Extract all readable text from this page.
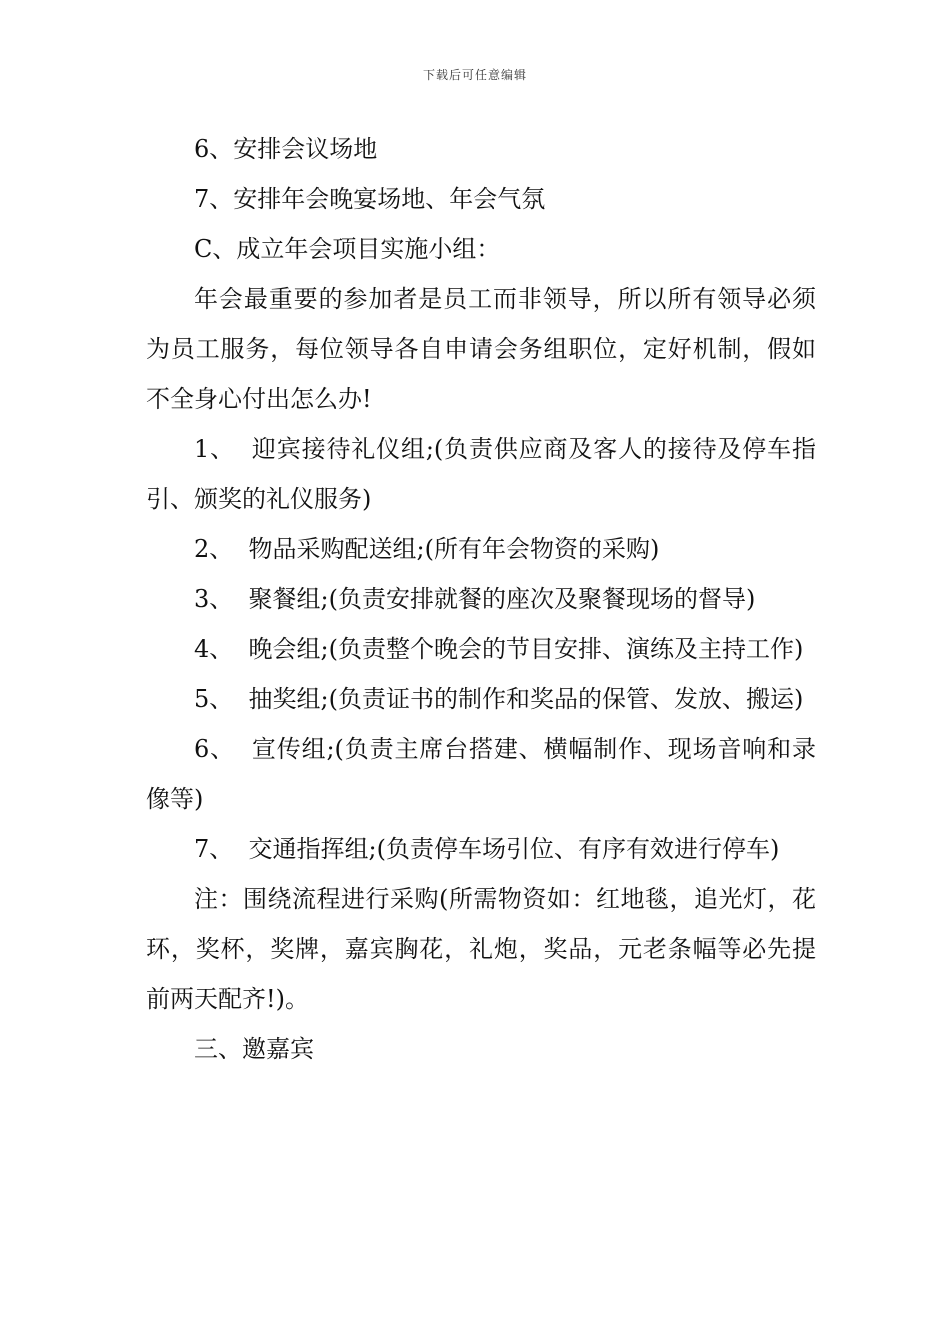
下载后可任意编辑

6、安排会议场地

7、安排年会晚宴场地、年会气氛

C、成立年会项目实施小组：

年会最重要的参加者是员工而非领导，所以所有领导必须为员工服务，每位领导各自申请会务组职位，定好机制，假如不全身心付出怎么办!

1、  迎宾接待礼仪组;(负责供应商及客人的接待及停车指引、颁奖的礼仪服务)

2、  物品采购配送组;(所有年会物资的采购)

3、  聚餐组;(负责安排就餐的座次及聚餐现场的督导)

4、  晚会组;(负责整个晚会的节目安排、演练及主持工作)

5、  抽奖组;(负责证书的制作和奖品的保管、发放、搬运)

6、  宣传组;(负责主席台搭建、横幅制作、现场音响和录像等)

7、  交通指挥组;(负责停车场引位、有序有效进行停车)

注：围绕流程进行采购(所需物资如：红地毯，追光灯，花环，奖杯，奖牌，嘉宾胸花，礼炮，奖品，元老条幅等必先提前两天配齐!)。

三、邀嘉宾
